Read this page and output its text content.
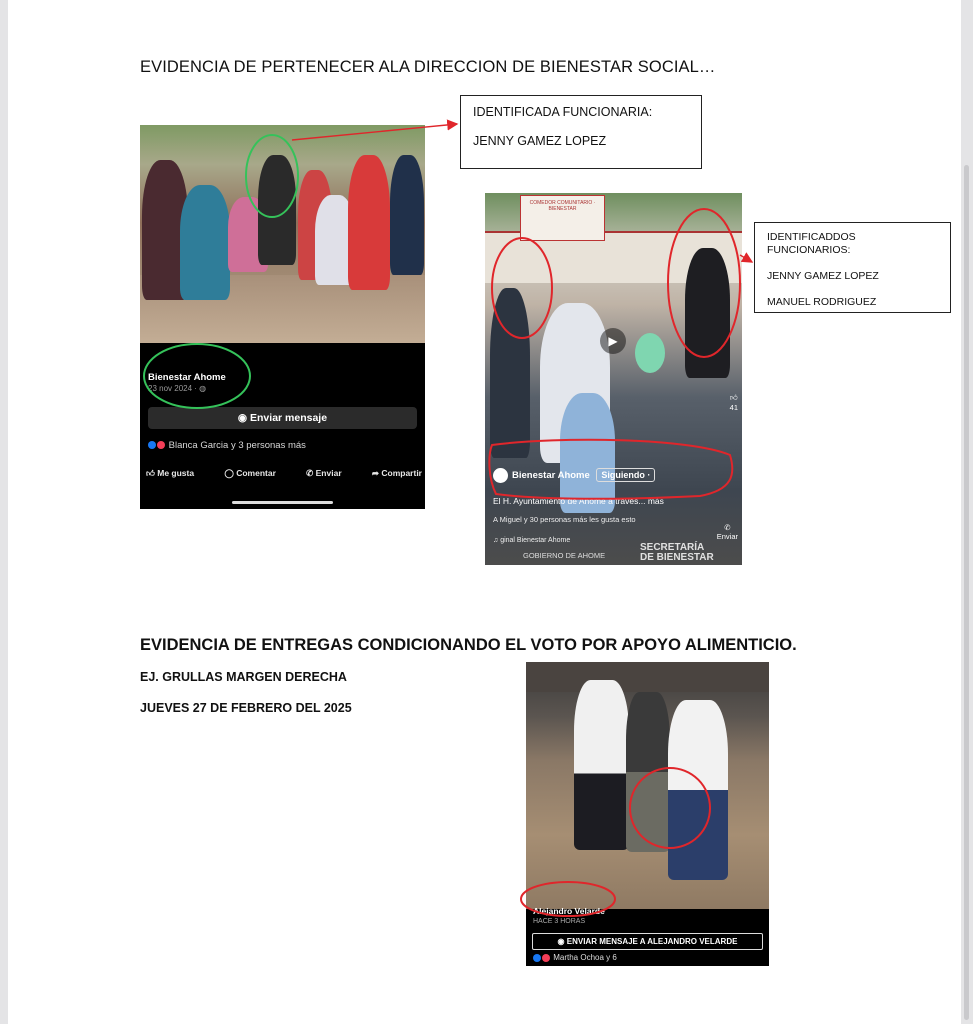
EVIDENCIA DE PERTENECER ALA DIRECCION DE BIENESTAR SOCIAL…
IDENTIFICADA FUNCIONARIA:
JENNY GAMEZ LOPEZ
IDENTIFICADDOS
FUNCIONARIOS:
JENNY GAMEZ LOPEZ
MANUEL RODRIGUEZ
Bienestar Ahome
23 nov 2024 · ◍
◉ Enviar mensaje
Blanca Garcia y 3 personas más
👍︎ Me gusta	◯ Comentar	✆ Enviar	➦ Compartir
COMEDOR COMUNITARIO · BIENESTAR
▶
👍︎
41
✆
Enviar
Bienestar Ahome Siguiendo ·
El H. Ayuntamiento de Ahome a través... más
A Miguel y 30 personas más les gusta esto
♫ ginal Bienestar Ahome
GOBIERNO DE AHOME
SECRETARÍA
DE BIENESTAR
EVIDENCIA DE ENTREGAS CONDICIONANDO EL VOTO POR APOYO ALIMENTICIO.
EJ. GRULLAS MARGEN DERECHA
JUEVES 27 DE FEBRERO DEL 2025
Alejandro Velarde
HACE 3 HORAS
◉ ENVIAR MENSAJE A ALEJANDRO VELARDE
Martha Ochoa y 6
